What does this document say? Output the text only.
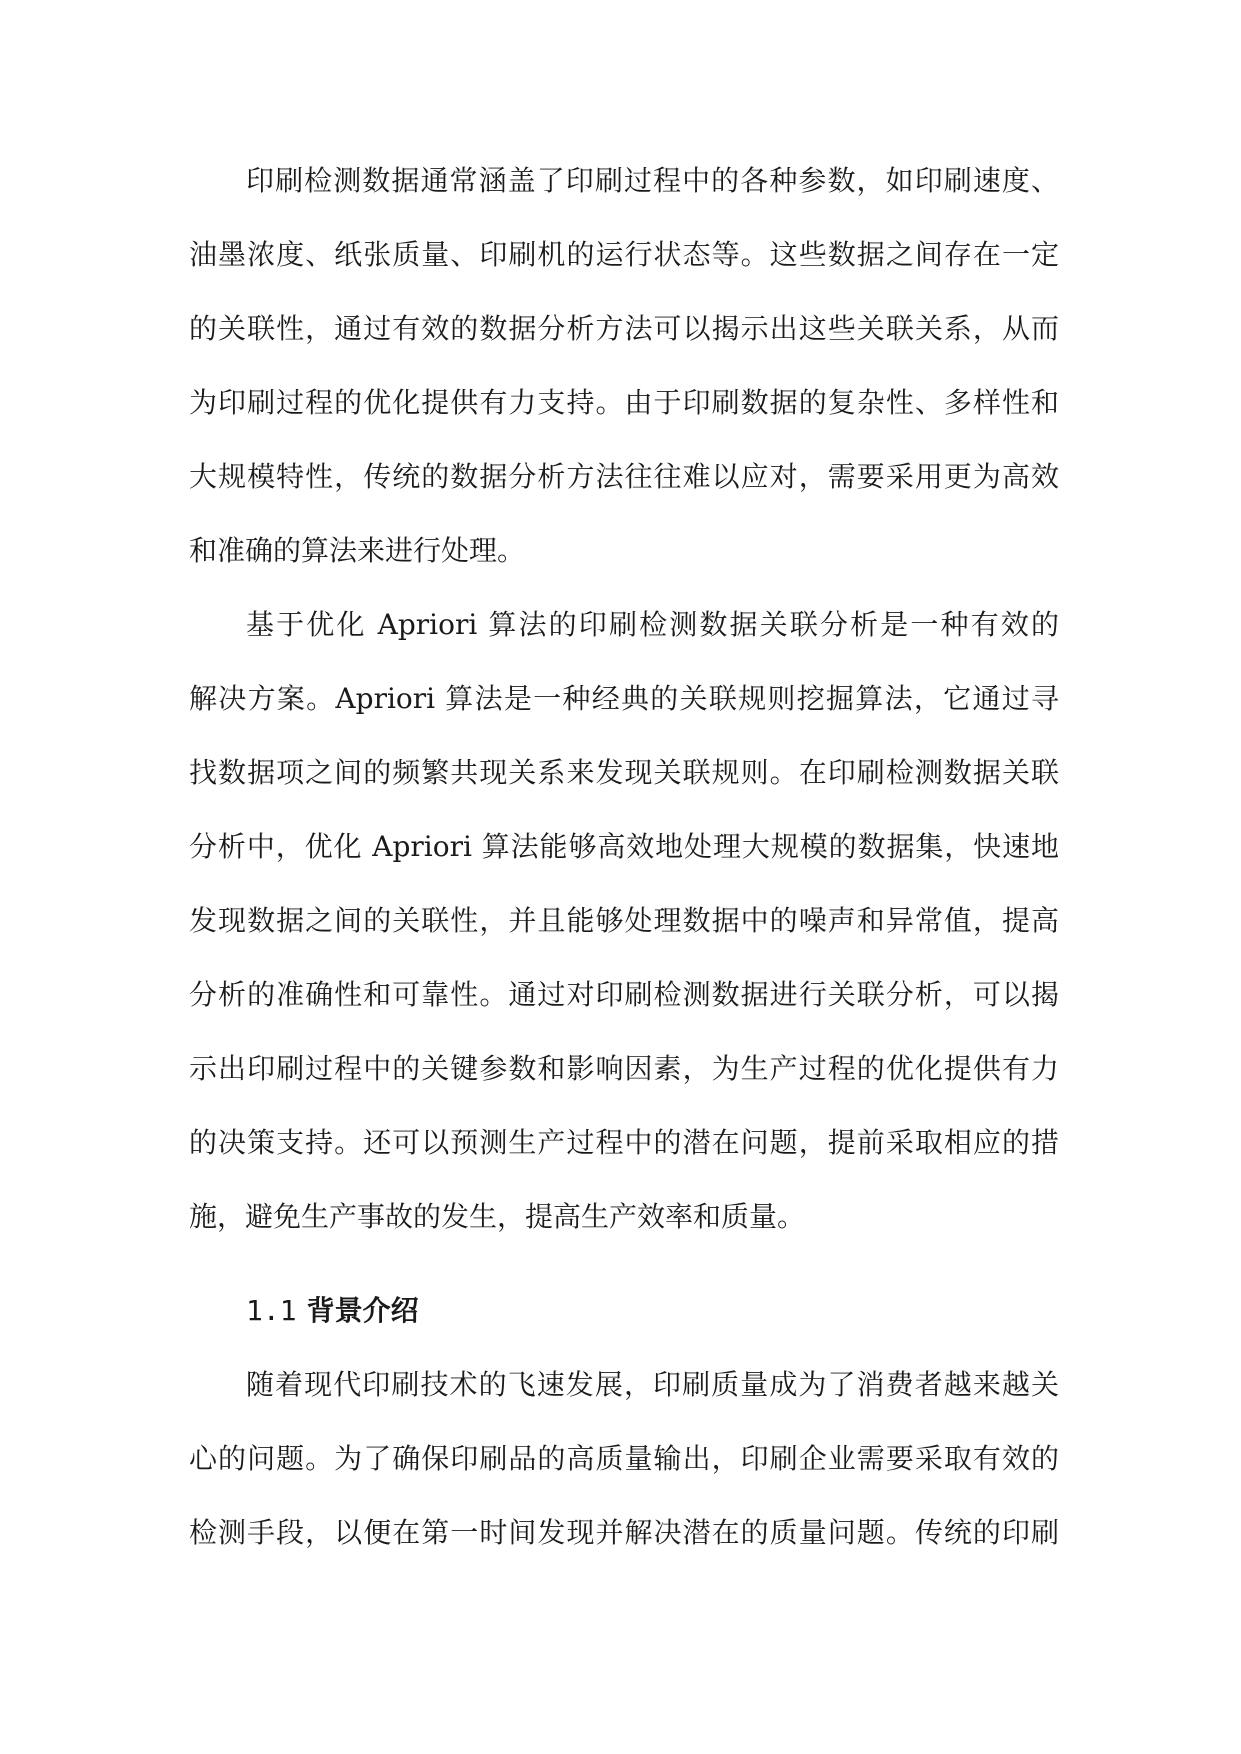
印刷检测数据通常涵盖了印刷过程中的各种参数，如印刷速度、
油墨浓度、纸张质量、印刷机的运行状态等。这些数据之间存在一定
的关联性，通过有效的数据分析方法可以揭示出这些关联关系，从而
为印刷过程的优化提供有力支持。由于印刷数据的复杂性、多样性和
大规模特性，传统的数据分析方法往往难以应对，需要采用更为高效
和准确的算法来进行处理。
基于优化 Apriori 算法的印刷检测数据关联分析是一种有效的
解决方案。Apriori 算法是一种经典的关联规则挖掘算法，它通过寻
找数据项之间的频繁共现关系来发现关联规则。在印刷检测数据关联
分析中，优化 Apriori 算法能够高效地处理大规模的数据集，快速地
发现数据之间的关联性，并且能够处理数据中的噪声和异常值，提高
分析的准确性和可靠性。通过对印刷检测数据进行关联分析，可以揭
示出印刷过程中的关键参数和影响因素，为生产过程的优化提供有力
的决策支持。还可以预测生产过程中的潜在问题，提前采取相应的措
施，避免生产事故的发生，提高生产效率和质量。
1.1 背景介绍
随着现代印刷技术的飞速发展，印刷质量成为了消费者越来越关
心的问题。为了确保印刷品的高质量输出，印刷企业需要采取有效的
检测手段，以便在第一时间发现并解决潜在的质量问题。传统的印刷
